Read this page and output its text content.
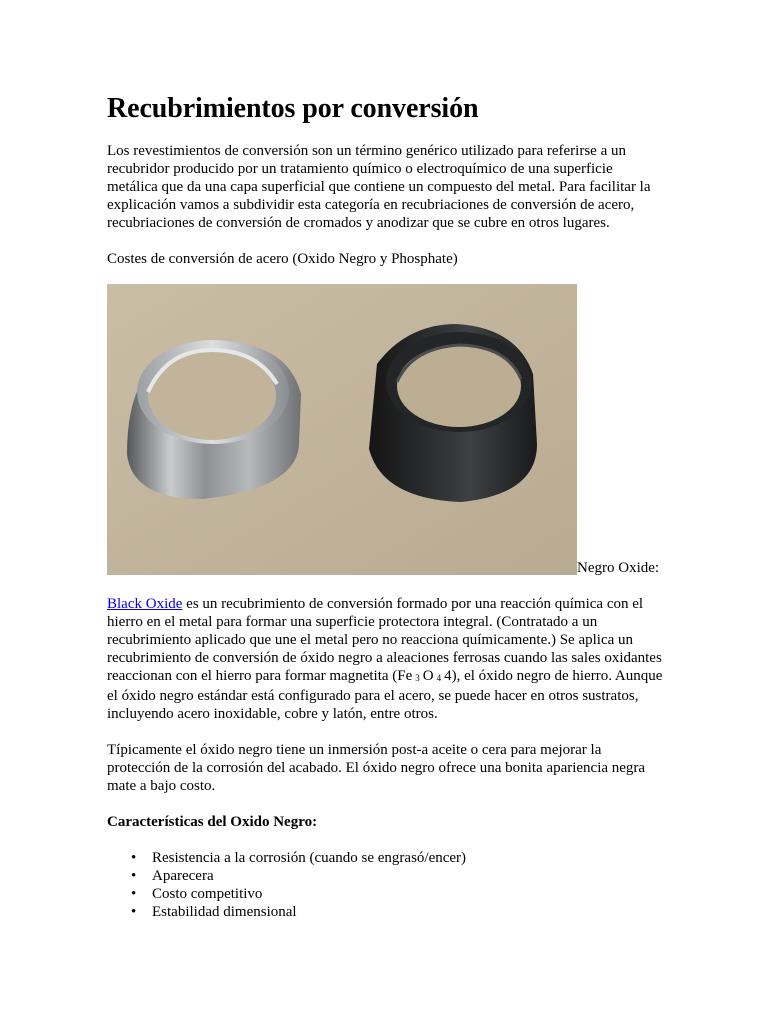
Recubrimientos por conversión

Los revestimientos de conversión son un término genérico utilizado para referirse a un recubridor producido por un tratamiento químico o electroquímico de una superficie metálica que da una capa superficial que contiene un compuesto del metal. Para facilitar la explicación vamos a subdividir esta categoría en recubriaciones de conversión de acero, recubriaciones de conversión de cromados y anodizar que se cubre en otros lugares.

Costes de conversión de acero (Oxido Negro y Phosphate)

Negro Oxide:

Black Oxide es un recubrimiento de conversión formado por una reacción química con el hierro en el metal para formar una superficie protectora integral. (Contratado a un recubrimiento aplicado que une el metal pero no reacciona químicamente.) Se aplica un recubrimiento de conversión de óxido negro a aleaciones ferrosas cuando las sales oxidantes reaccionan con el hierro para formar magnetita (Fe $_3$ O $_4$ 4), el óxido negro de hierro. Aunque el óxido negro estándar está configurado para el acero, se puede hacer en otros sustratos, incluyendo acero inoxidable, cobre y latón, entre otros.

Típicamente el óxido negro tiene un inmersión post-a aceite o cera para mejorar la protección de la corrosión del acabado. El óxido negro ofrece una bonita apariencia negra mate a bajo costo.

Características del Oxido Negro:

• Resistencia a la corrosión (cuando se engrasó/encer)
• Aparecera
• Costo competitivo
• Estabilidad dimensional
